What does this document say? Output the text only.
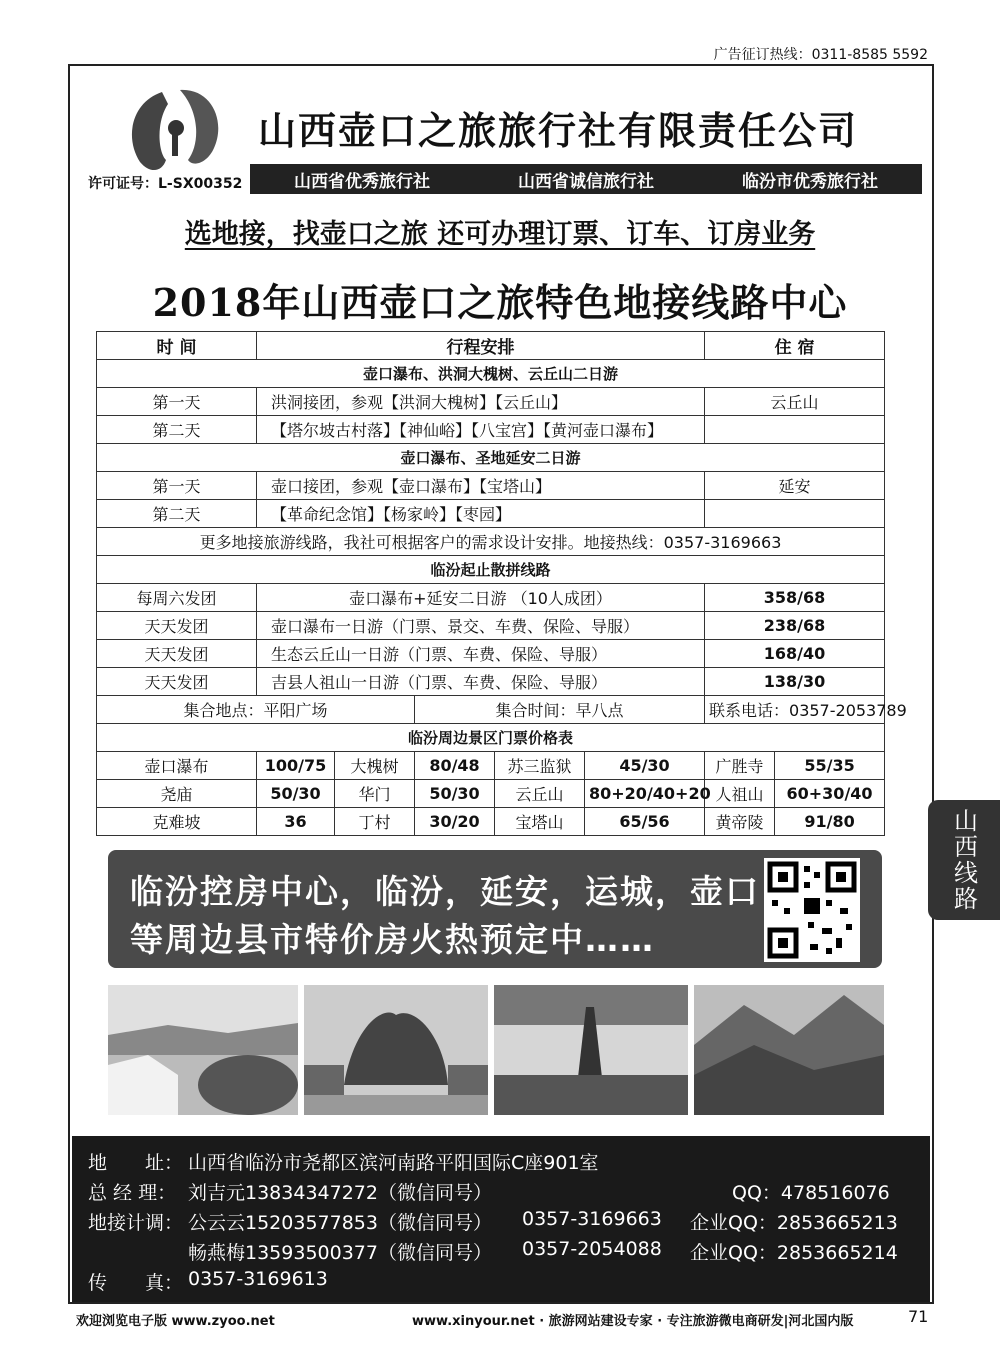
广告征订热线：0311-8585 5592
山西壶口之旅旅行社有限责任公司
许可证号：L-SX00352	山西省优秀旅行社	山西省诚信旅行社	临汾市优秀旅行社
选地接，找壶口之旅 还可办理订票、订车、订房业务
2018年山西壶口之旅特色地接线路中心
时 间	行程安排					住 宿	
壶口瀑布、洪洞大槐树、云丘山二日游							
第一天	洪洞接团，参观【洪洞大槐树】【云丘山】					云丘山	
第二天	【塔尔坡古村落】【神仙峪】【八宝宫】【黄河壶口瀑布】						
壶口瀑布、圣地延安二日游							
第一天	壶口接团，参观【壶口瀑布】【宝塔山】					延安	
第二天	【革命纪念馆】【杨家岭】【枣园】						
更多地接旅游线路，我社可根据客户的需求设计安排。地接热线：0357-3169663							
临汾起止散拼线路							
每周六发团	壶口瀑布+延安二日游 （10人成团）					358/68	
天天发团	壶口瀑布一日游（门票、景交、车费、保险、导服）					238/68	
天天发团	生态云丘山一日游（门票、车费、保险、导服）					168/40	
天天发团	吉县人祖山一日游（门票、车费、保险、导服）					138/30	
集合地点：平阳广场			集合时间：早八点			联系电话：0357-2053789	
临汾周边景区门票价格表							
壶口瀑布	100/75	大槐树	80/48	苏三监狱	45/30	广胜寺	55/35
尧庙	50/30	华门	50/30	云丘山	80+20/40+20	人祖山	60+30/40
克难坡	36	丁村	30/20	宝塔山	65/56	黄帝陵	91/80
临汾控房中心，临汾，延安，运城，壶口
等周边县市特价房火热预定中……
山西线路
地　　址： 山西省临汾市尧都区滨河南路平阳国际C座901室
总 经 理： 刘吉元13834347272（微信同号）	QQ：478516076
地接计调： 公云云15203577853（微信同号） 0357-3169663 企业QQ：2853665213
畅燕梅13593500377（微信同号） 0357-2054088 企业QQ：2853665214
传　　真： 0357-3169613
欢迎浏览电子版 www.zyoo.net	www.xinyour.net · 旅游网站建设专家 · 专注旅游微电商研发|河北国内版	71
